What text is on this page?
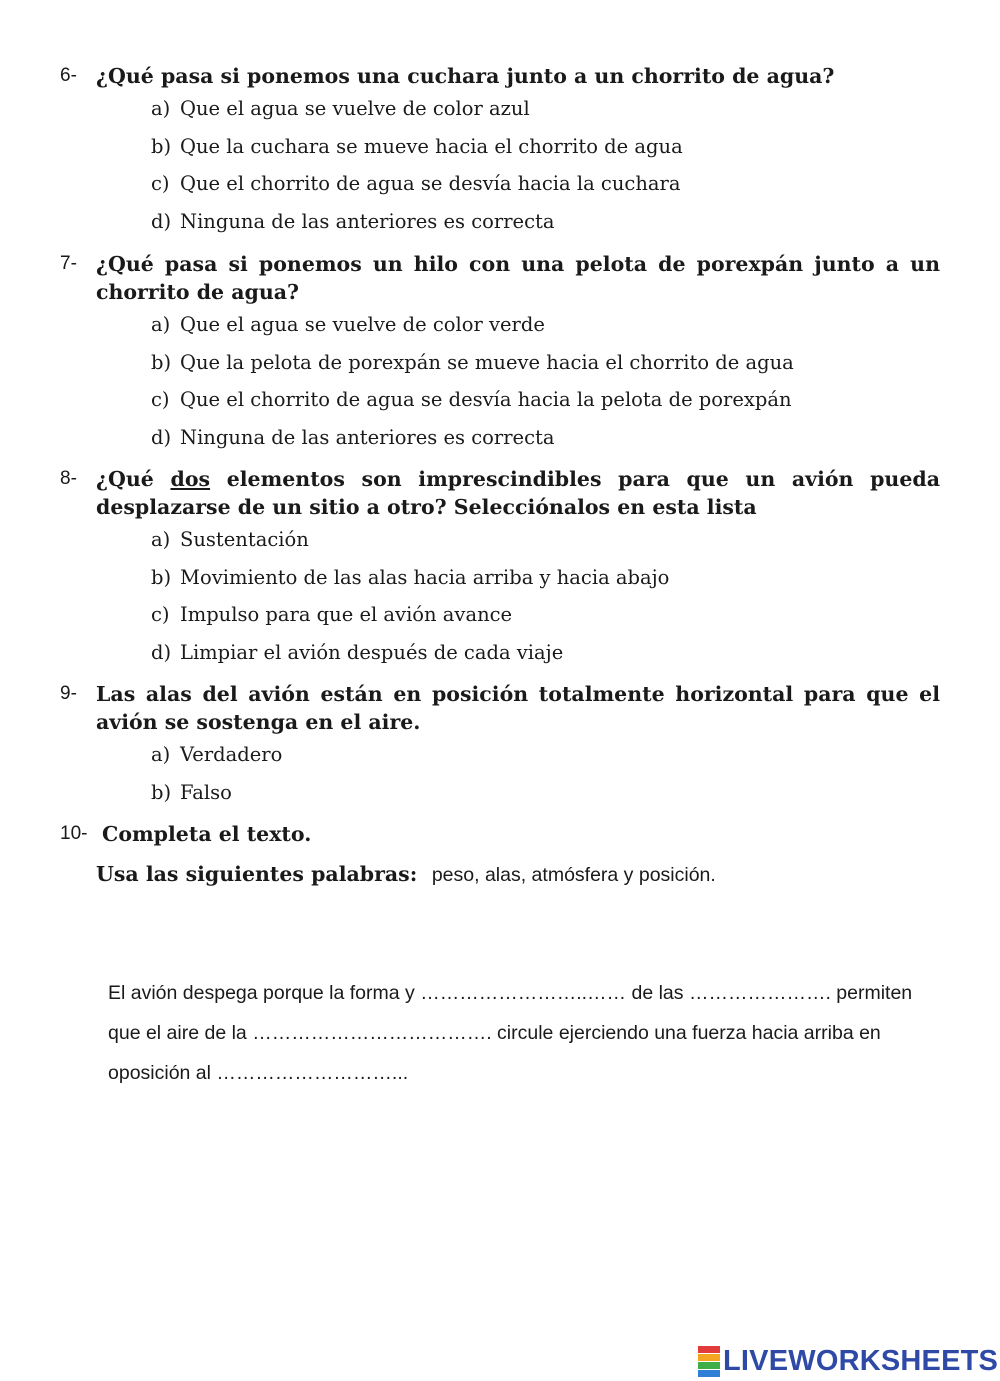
6- ¿Qué pasa si ponemos una cuchara junto a un chorrito de agua?
a) Que el agua se vuelve de color azul
b) Que la cuchara se mueve hacia el chorrito de agua
c) Que el chorrito de agua se desvía hacia la cuchara
d) Ninguna de las anteriores es correcta
7- ¿Qué pasa si ponemos un hilo con una pelota de porexpán junto a un chorrito de agua?
a) Que el agua se vuelve de color verde
b) Que la pelota de porexpán se mueve hacia el chorrito de agua
c) Que el chorrito de agua se desvía hacia la pelota de porexpán
d) Ninguna de las anteriores es correcta
8- ¿Qué dos elementos son imprescindibles para que un avión pueda desplazarse de un sitio a otro? Selecciónalos en esta lista
a) Sustentación
b) Movimiento de las alas hacia arriba y hacia abajo
c) Impulso para que el avión avance
d) Limpiar el avión después de cada viaje
9- Las alas del avión están en posición totalmente horizontal para que el avión se sostenga en el aire.
a) Verdadero
b) Falso
10- Completa el texto.
Usa las siguientes palabras: peso, alas, atmósfera y posición.
El avión despega porque la forma y ……………………..…… de las …………………. permiten que el aire de la ………………………………. circule ejerciendo una fuerza hacia arriba en oposición al ………………………...
LIVEWORKSHEETS
